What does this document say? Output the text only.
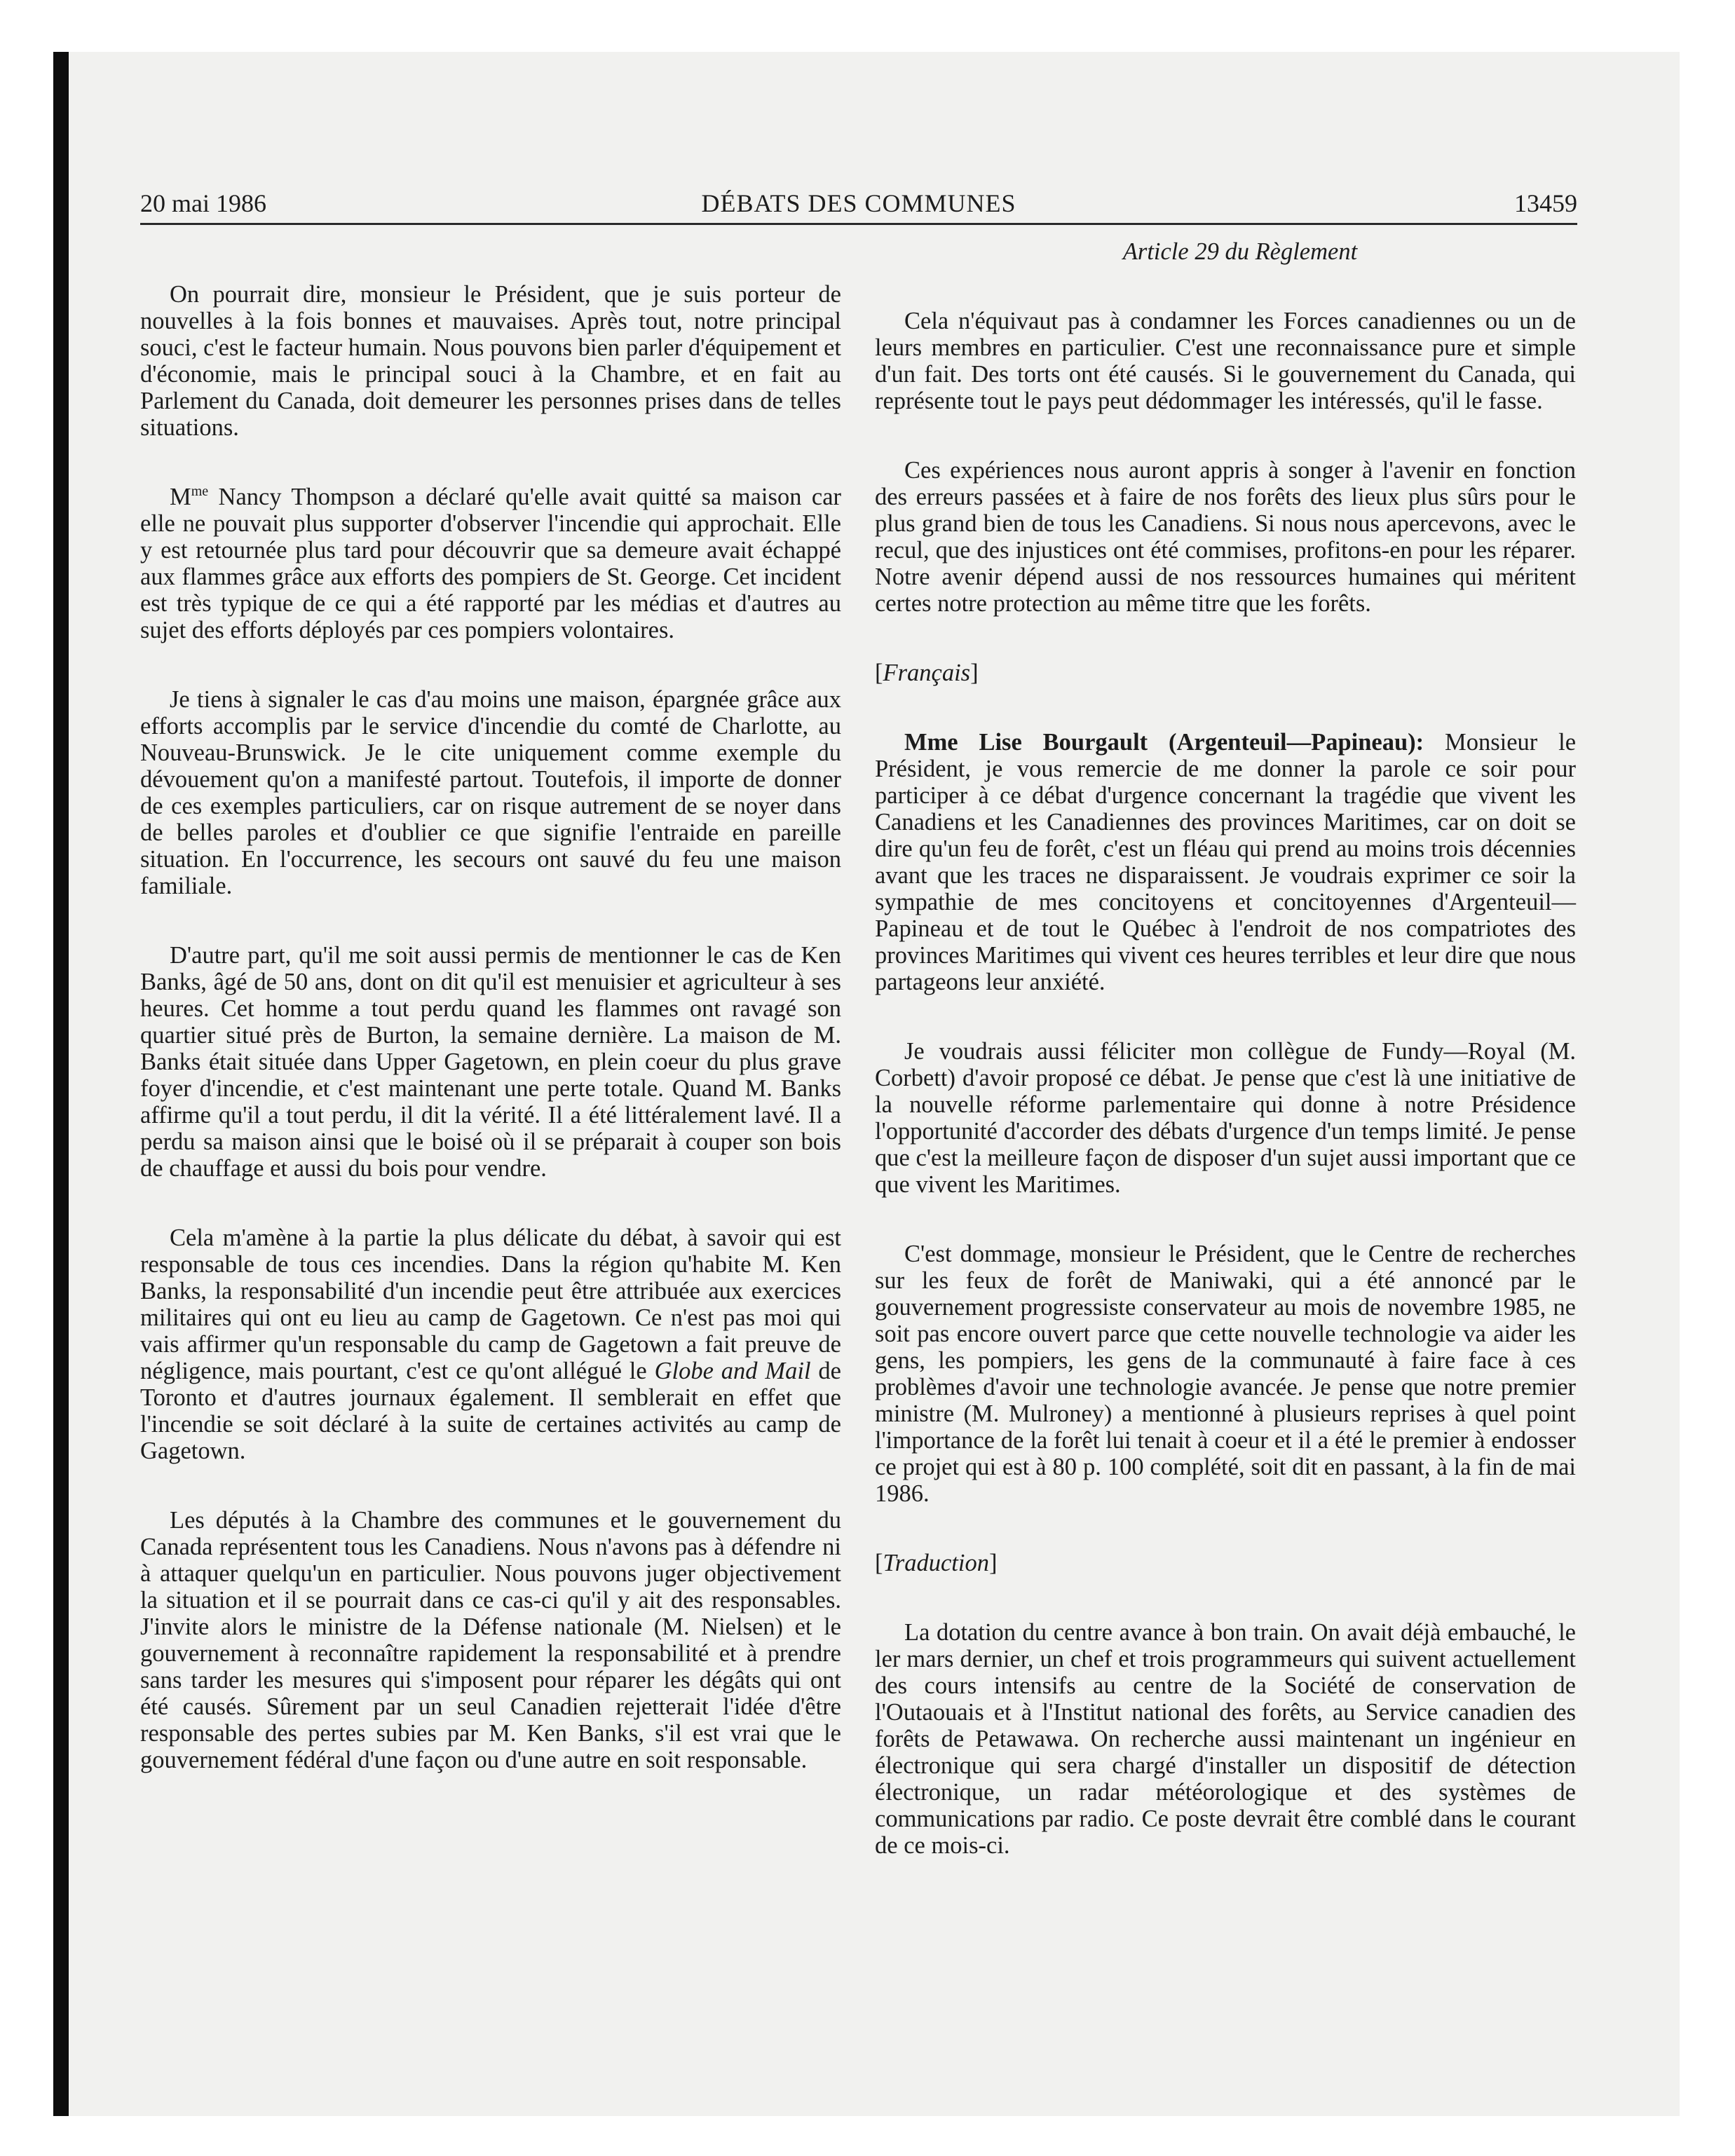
20 mai 1986	DÉBATS DES COMMUNES	13459

On pourrait dire, monsieur le Président, que je suis porteur de nouvelles à la fois bonnes et mauvaises. Après tout, notre principal souci, c'est le facteur humain. Nous pouvons bien parler d'équipement et d'économie, mais le principal souci à la Chambre, et en fait au Parlement du Canada, doit demeurer les personnes prises dans de telles situations.

$M^{me}$ Nancy Thompson a déclaré qu'elle avait quitté sa maison car elle ne pouvait plus supporter d'observer l'incendie qui approchait. Elle y est retournée plus tard pour découvrir que sa demeure avait échappé aux flammes grâce aux efforts des pompiers de St. George. Cet incident est très typique de ce qui a été rapporté par les médias et d'autres au sujet des efforts déployés par ces pompiers volontaires.

Je tiens à signaler le cas d'au moins une maison, épargnée grâce aux efforts accomplis par le service d'incendie du comté de Charlotte, au Nouveau-Brunswick. Je le cite uniquement comme exemple du dévouement qu'on a manifesté partout. Toutefois, il importe de donner de ces exemples particuliers, car on risque autrement de se noyer dans de belles paroles et d'oublier ce que signifie l'entraide en pareille situation. En l'occurrence, les secours ont sauvé du feu une maison familiale.

D'autre part, qu'il me soit aussi permis de mentionner le cas de Ken Banks, âgé de 50 ans, dont on dit qu'il est menuisier et agriculteur à ses heures. Cet homme a tout perdu quand les flammes ont ravagé son quartier situé près de Burton, la semaine dernière. La maison de M. Banks était située dans Upper Gagetown, en plein coeur du plus grave foyer d'incendie, et c'est maintenant une perte totale. Quand M. Banks affirme qu'il a tout perdu, il dit la vérité. Il a été littéralement lavé. Il a perdu sa maison ainsi que le boisé où il se préparait à couper son bois de chauffage et aussi du bois pour vendre.

Cela m'amène à la partie la plus délicate du débat, à savoir qui est responsable de tous ces incendies. Dans la région qu'habite M. Ken Banks, la responsabilité d'un incendie peut être attribuée aux exercices militaires qui ont eu lieu au camp de Gagetown. Ce n'est pas moi qui vais affirmer qu'un responsable du camp de Gagetown a fait preuve de négligence, mais pourtant, c'est ce qu'ont allégué le Globe and Mail de Toronto et d'autres journaux également. Il semblerait en effet que l'incendie se soit déclaré à la suite de certaines activités au camp de Gagetown.

Les députés à la Chambre des communes et le gouvernement du Canada représentent tous les Canadiens. Nous n'avons pas à défendre ni à attaquer quelqu'un en particulier. Nous pouvons juger objectivement la situation et il se pourrait dans ce cas-ci qu'il y ait des responsables. J'invite alors le ministre de la Défense nationale (M. Nielsen) et le gouvernement à reconnaître rapidement la responsabilité et à prendre sans tarder les mesures qui s'imposent pour réparer les dégâts qui ont été causés. Sûrement par un seul Canadien rejetterait l'idée d'être responsable des pertes subies par M. Ken Banks, s'il est vrai que le gouvernement fédéral d'une façon ou d'une autre en soit responsable.

Article 29 du Règlement

Cela n'équivaut pas à condamner les Forces canadiennes ou un de leurs membres en particulier. C'est une reconnaissance pure et simple d'un fait. Des torts ont été causés. Si le gouvernement du Canada, qui représente tout le pays peut dédommager les intéressés, qu'il le fasse.

Ces expériences nous auront appris à songer à l'avenir en fonction des erreurs passées et à faire de nos forêts des lieux plus sûrs pour le plus grand bien de tous les Canadiens. Si nous nous apercevons, avec le recul, que des injustices ont été commises, profitons-en pour les réparer. Notre avenir dépend aussi de nos ressources humaines qui méritent certes notre protection au même titre que les forêts.

[Français]

Mme Lise Bourgault (Argenteuil—Papineau): Monsieur le Président, je vous remercie de me donner la parole ce soir pour participer à ce débat d'urgence concernant la tragédie que vivent les Canadiens et les Canadiennes des provinces Maritimes, car on doit se dire qu'un feu de forêt, c'est un fléau qui prend au moins trois décennies avant que les traces ne disparaissent. Je voudrais exprimer ce soir la sympathie de mes concitoyens et concitoyennes d'Argenteuil—Papineau et de tout le Québec à l'endroit de nos compatriotes des provinces Maritimes qui vivent ces heures terribles et leur dire que nous partageons leur anxiété.

Je voudrais aussi féliciter mon collègue de Fundy—Royal (M. Corbett) d'avoir proposé ce débat. Je pense que c'est là une initiative de la nouvelle réforme parlementaire qui donne à notre Présidence l'opportunité d'accorder des débats d'urgence d'un temps limité. Je pense que c'est la meilleure façon de disposer d'un sujet aussi important que ce que vivent les Maritimes.

C'est dommage, monsieur le Président, que le Centre de recherches sur les feux de forêt de Maniwaki, qui a été annoncé par le gouvernement progressiste conservateur au mois de novembre 1985, ne soit pas encore ouvert parce que cette nouvelle technologie va aider les gens, les pompiers, les gens de la communauté à faire face à ces problèmes d'avoir une technologie avancée. Je pense que notre premier ministre (M. Mulroney) a mentionné à plusieurs reprises à quel point l'importance de la forêt lui tenait à coeur et il a été le premier à endosser ce projet qui est à 80 p. 100 complété, soit dit en passant, à la fin de mai 1986.

[Traduction]

La dotation du centre avance à bon train. On avait déjà embauché, le ler mars dernier, un chef et trois programmeurs qui suivent actuellement des cours intensifs au centre de la Société de conservation de l'Outaouais et à l'Institut national des forêts, au Service canadien des forêts de Petawawa. On recherche aussi maintenant un ingénieur en électronique qui sera chargé d'installer un dispositif de détection électronique, un radar météorologique et des systèmes de communications par radio. Ce poste devrait être comblé dans le courant de ce mois-ci.
